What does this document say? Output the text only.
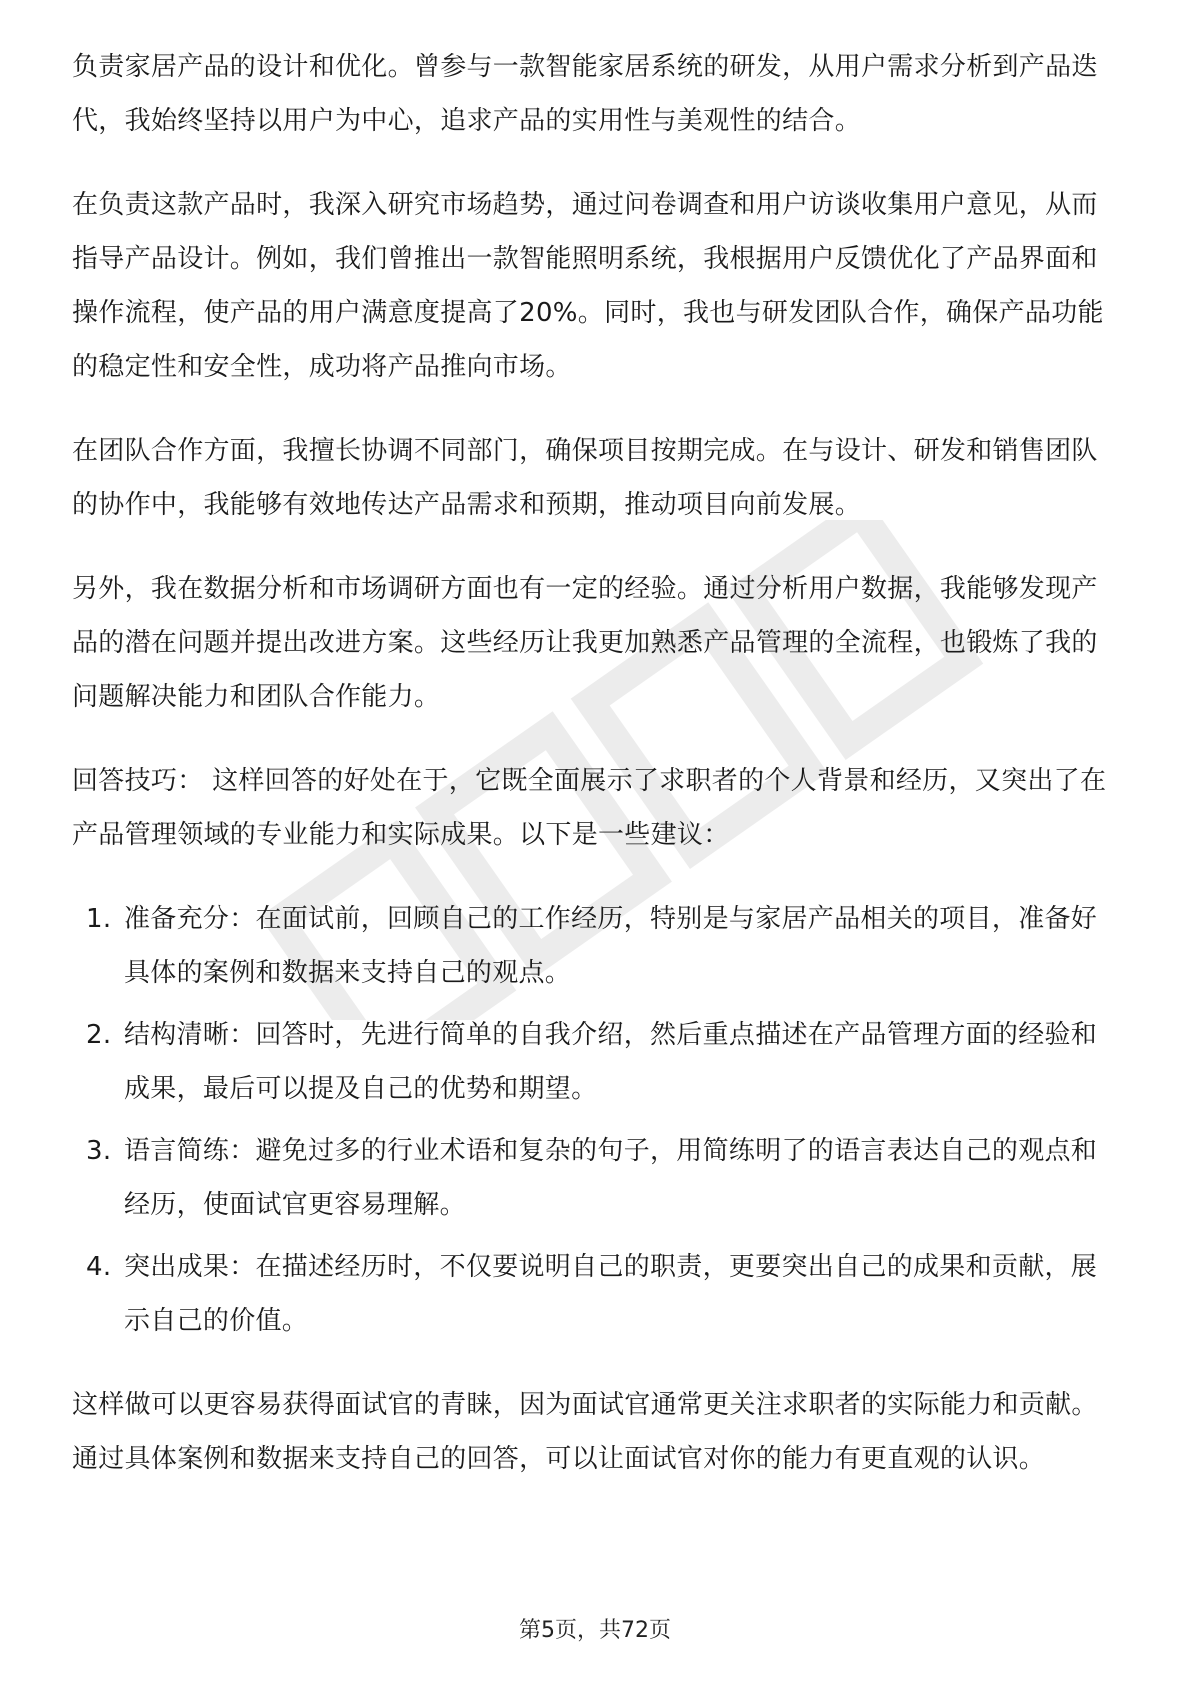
负责家居产品的设计和优化。曾参与一款智能家居系统的研发，从用户需求分析到产品迭代，我始终坚持以用户为中心，追求产品的实用性与美观性的结合。

在负责这款产品时，我深入研究市场趋势，通过问卷调查和用户访谈收集用户意见，从而指导产品设计。例如，我们曾推出一款智能照明系统，我根据用户反馈优化了产品界面和操作流程，使产品的用户满意度提高了20%。同时，我也与研发团队合作，确保产品功能的稳定性和安全性，成功将产品推向市场。

在团队合作方面，我擅长协调不同部门，确保项目按期完成。在与设计、研发和销售团队的协作中，我能够有效地传达产品需求和预期，推动项目向前发展。

另外，我在数据分析和市场调研方面也有一定的经验。通过分析用户数据，我能够发现产品的潜在问题并提出改进方案。这些经历让我更加熟悉产品管理的全流程，也锻炼了我的问题解决能力和团队合作能力。

回答技巧： 这样回答的好处在于，它既全面展示了求职者的个人背景和经历，又突出了在产品管理领域的专业能力和实际成果。以下是一些建议：

1. 准备充分：在面试前，回顾自己的工作经历，特别是与家居产品相关的项目，准备好具体的案例和数据来支持自己的观点。
2. 结构清晰：回答时，先进行简单的自我介绍，然后重点描述在产品管理方面的经验和成果，最后可以提及自己的优势和期望。
3. 语言简练：避免过多的行业术语和复杂的句子，用简练明了的语言表达自己的观点和经历，使面试官更容易理解。
4. 突出成果：在描述经历时，不仅要说明自己的职责，更要突出自己的成果和贡献，展示自己的价值。

这样做可以更容易获得面试官的青睐，因为面试官通常更关注求职者的实际能力和贡献。通过具体案例和数据来支持自己的回答，可以让面试官对你的能力有更直观的认识。

第5页，共72页
